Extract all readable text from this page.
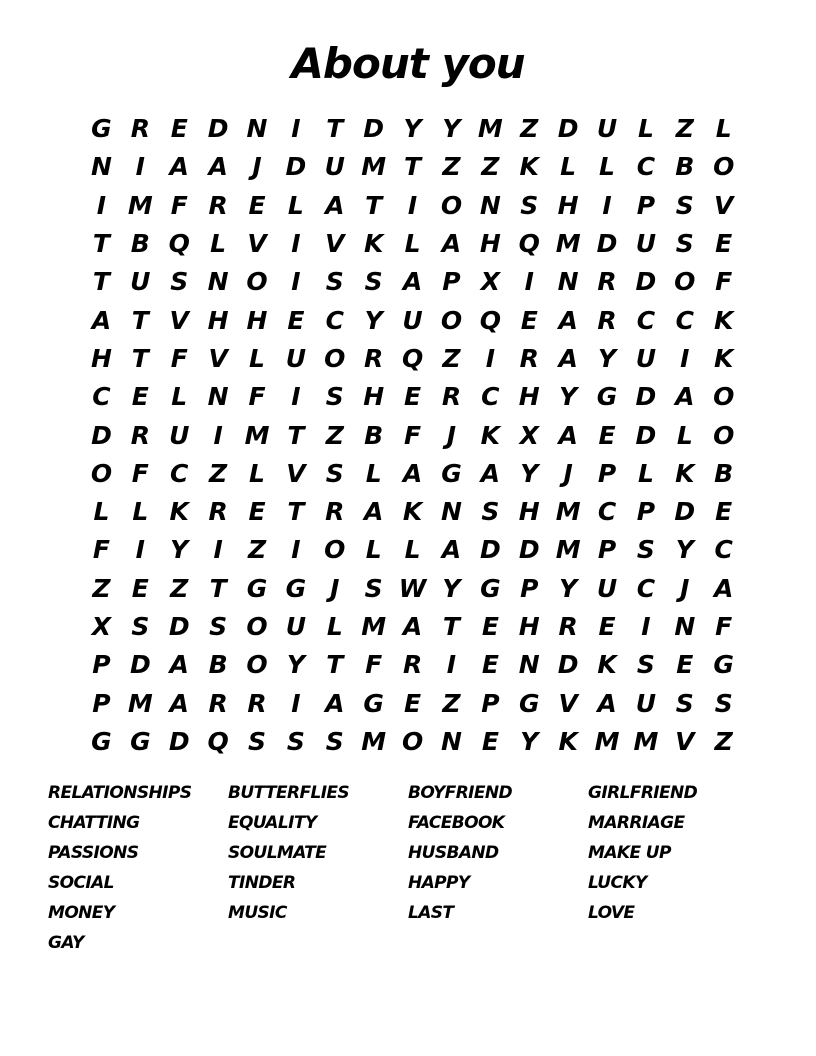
About you
G R E D N I	T D Y Y M Z D U L Z L
N I A A J D U M T Z Z K L L C B O
I M F R E L A T	I O N S H I	P S V
T B Q L V I V K L A H Q M D U S E
T U S N O I	S S A P X I N R D O F
A T V H H E C Y U O Q E A R C C K
H T F V L U O R Q Z	I R A Y U I K
C E L N F	I	S H E R C H Y G D A O
D R U I M T Z B F	J K X A E D L O
O F C Z L V S L A G A Y	J	P L K B
L L K R E T R A K N S H M C P D E
F	I	Y	I	Z	I O L L A D D M P S Y C
Z E Z T G G J	S W Y G P Y U C	J A
X S D S O U L M A T E H R E	I N F
P D A B O Y T F R I	E N D K S E G
P M A R R I A G E Z P G V A U S S
G G D Q S S S M O N E Y K M M V Z
RELATIONSHIPS	BUTTERFLIES	BOYFRIEND	GIRLFRIEND
CHATTING	EQUALITY	FACEBOOK	MARRIAGE
PASSIONS	SOULMATE	HUSBAND	MAKE UP
SOCIAL	TINDER	HAPPY	LUCKY
MONEY	MUSIC	LAST	LOVE
GAY
